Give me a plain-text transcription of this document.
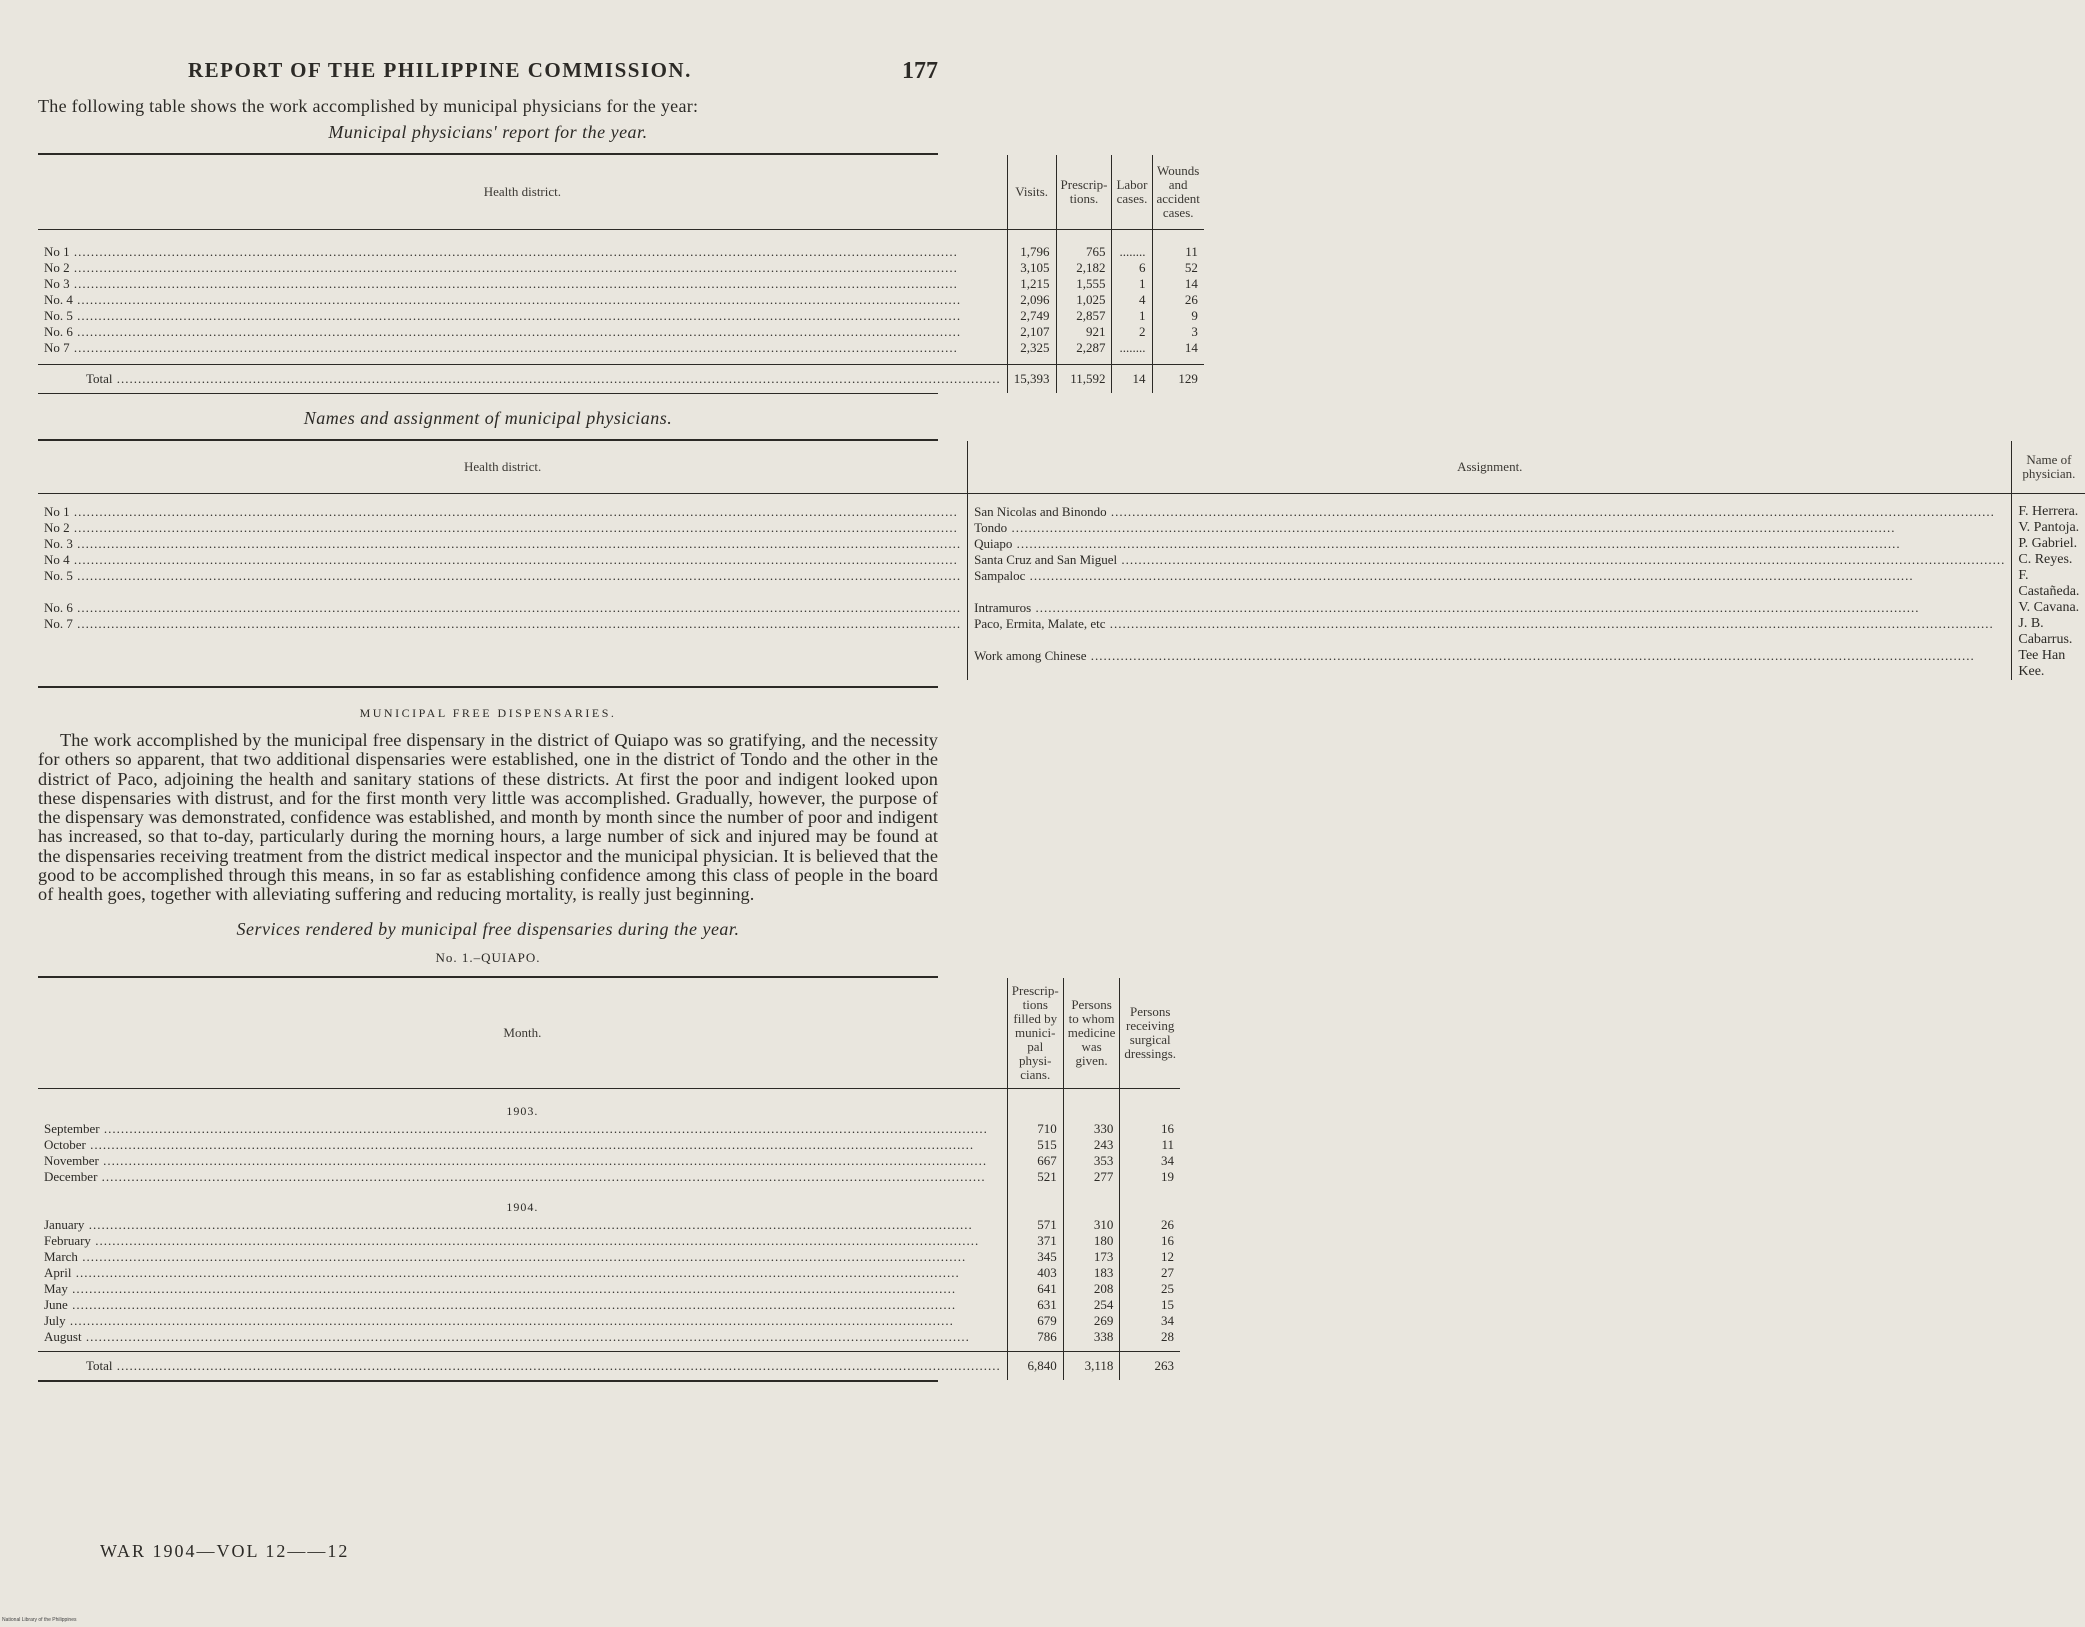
REPORT OF THE PHILIPPINE COMMISSION.	177
The following table shows the work accomplished by municipal physicians for the year:
Municipal physicians' report for the year.
Health district.	Visits.	Prescrip-tions.	Labor cases.	Wounds and accident cases.
No 1 .....	1,796	765	........	11
No 2 .....	3,105	2,182	6	52
No 3 .....	1,215	1,555	1	14
No. 4 .....	2,096	1,025	4	26
No. 5 .....	2,749	2,857	1	9
No. 6 .....	2,107	921	2	3
No 7 .....	2,325	2,287	........	14
Total .....	15,393	11,592	14	129
Names and assignment of municipal physicians.
Health district.	Assignment.	Name of physician.
No 1 .....	San Nicolas and Binondo .....	F. Herrera.
No 2 .....	Tondo .....	V. Pantoja.
No. 3 .....	Quiapo .....	P. Gabriel.
No 4 .....	Santa Cruz and San Miguel .....	C. Reyes.
No. 5 .....	Sampaloc .....	F. Castañeda.
No. 6 .....	Intramuros .....	V. Cavana.
No. 7 .....	Paco, Ermita, Malate, etc .....	J. B. Cabarrus.
	Work among Chinese .....	Tee Han Kee.
MUNICIPAL FREE DISPENSARIES.

The work accomplished by the municipal free dispensary in the district of Quiapo was so gratifying, and the necessity for others so apparent, that two additional dispensaries were established, one in the district of Tondo and the other in the district of Paco, adjoining the health and sanitary stations of these districts. At first the poor and indigent looked upon these dispensaries with distrust, and for the first month very little was accomplished. Gradually, however, the purpose of the dispensary was demonstrated, confidence was established, and month by month since the number of poor and indigent has increased, so that to-day, particularly during the morning hours, a large number of sick and injured may be found at the dispensaries receiving treatment from the district medical inspector and the municipal physician. It is believed that the good to be accomplished through this means, in so far as establishing confidence among this class of people in the board of health goes, together with alleviating suffering and reducing mortality, is really just beginning.

Services rendered by municipal free dispensaries during the year.
No. 1.–QUIAPO.
Month.	Prescrip-tions filled by munici-pal physi-cians.	Persons to whom medicine was given.	Persons receiving surgical dressings.
1903.			
September .....	710	330	16
October .....	515	243	11
November .....	667	353	34
December .....	521	277	19
1904.			
January .....	571	310	26
February .....	371	180	16
March .....	345	173	12
April .....	403	183	27
May .....	641	208	25
June .....	631	254	15
July .....	679	269	34
August .....	786	338	28

Total .....	6,840	3,118	263
WAR 1904—VOL 12——12
National Library of the Philippines
